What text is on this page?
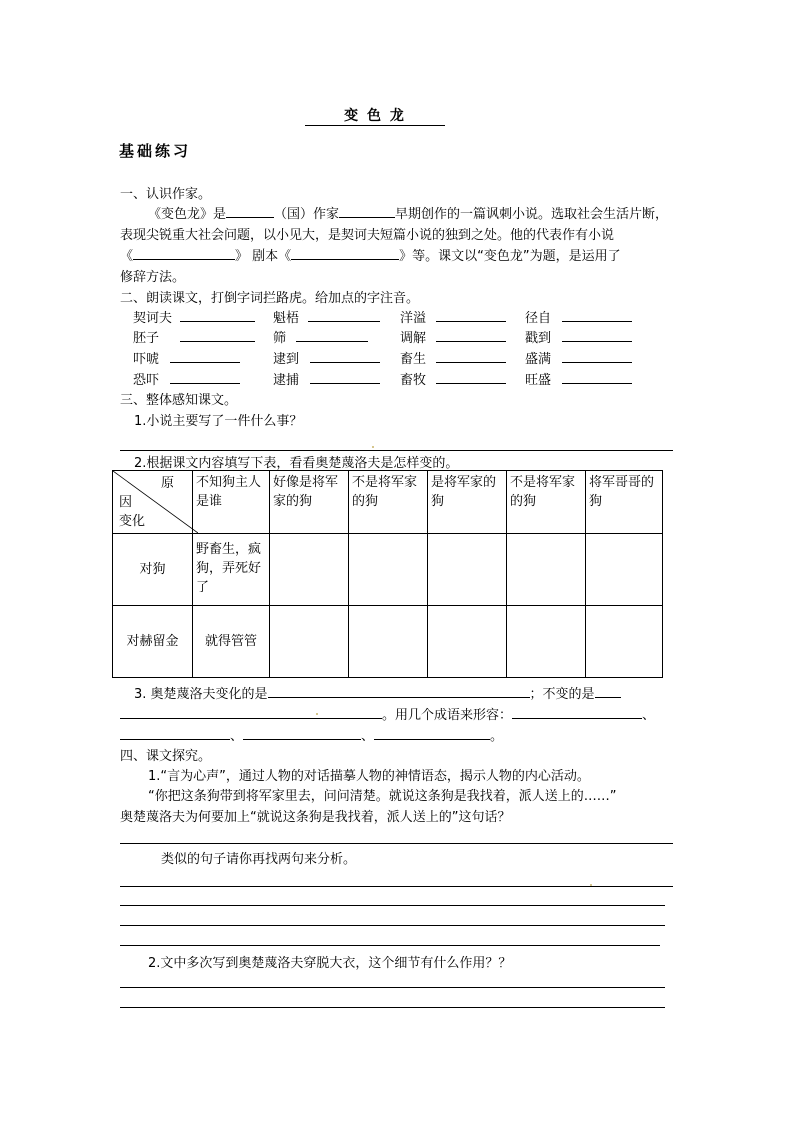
变 色 龙
基础练习
一、认识作家。
《变色龙》是	（国）作家	早期创作的一篇讽刺小说。选取社会生活片断，
表现尖锐重大社会问题，以小见大，是契诃夫短篇小说的独到之处。他的代表作有小说
《	》 剧本《	》等。课文以“变色龙”为题，是运用了
修辞方法。
二、朗读课文，打倒字词拦路虎。给加点的字注音。
契诃夫	魁梧	洋溢	径自
胚子	筛	调解	戳到
吓唬	逮到	畜生	盛满
恐吓	逮捕	畜牧	旺盛
三、整体感知课文。
1.小说主要写了一件什么事？
2.根据课文内容填写下表，看看奥楚蔑洛夫是怎样变的。
原
因
变化	不知狗主人是谁	好像是将军家的狗	不是将军家的狗	是将军家的狗	不是将军家的狗	将军哥哥的狗
对狗	野畜生，疯狗，弄死好了					
对赫留金	就得管管					
3. 奥楚蔑洛夫变化的是	；不变的是
。用几个成语来形容：	、
、	、	。
四、课文探究。
1.“言为心声”，通过人物的对话描摹人物的神情语态，揭示人物的内心活动。
“你把这条狗带到将军家里去，问问清楚。就说这条狗是我找着，派人送上的……”
奥楚蔑洛夫为何要加上“就说这条狗是我找着，派人送上的”这句话？
类似的句子请你再找两句来分析。
2.文中多次写到奥楚蔑洛夫穿脱大衣，这个细节有什么作用？？
